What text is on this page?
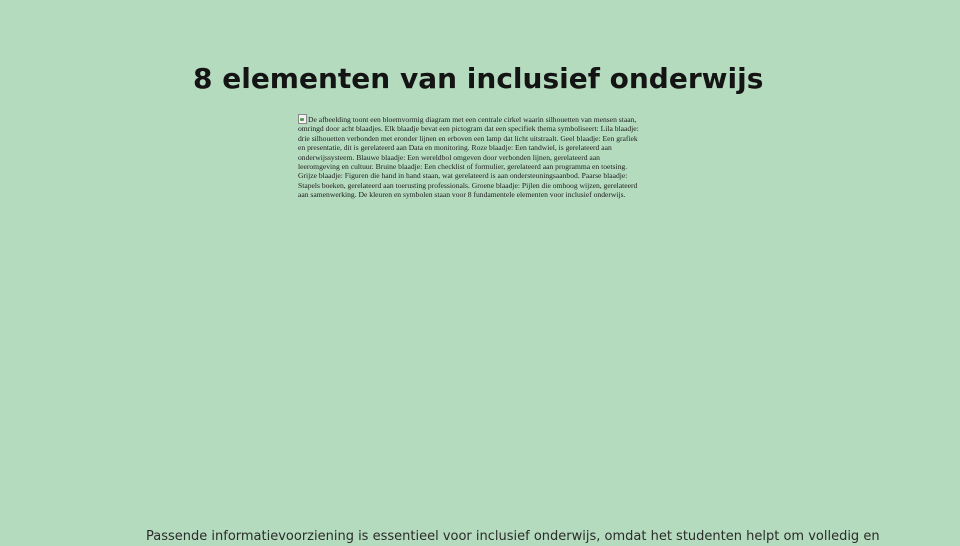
8 elementen van inclusief onderwijs
De afbeelding toont een bloemvormig diagram met een centrale cirkel waarin silhouetten van mensen staan, omringd door acht blaadjes. Elk blaadje bevat een pictogram dat een specifiek thema symboliseert: Lila blaadje: drie silhouetten verbonden met eronder lijnen en erboven een lamp dat licht uitstraalt. Geel blaadje: Een grafiek en presentatie, dit is gerelateerd aan Data en monitoring. Roze blaadje: Een tandwiel, is gerelateerd aan onderwijssysteem. Blauwe blaadje: Een wereldbol omgeven door verbonden lijnen, gerelateerd aan leeromgeving en cultuur. Bruine blaadje: Een checklist of formulier, gerelateerd aan programma en toetsing. Grijze blaadje: Figuren die hand in hand staan, wat gerelateerd is aan ondersteuningsaanbod. Paarse blaadje: Stapels boeken, gerelateerd aan toerusting professionals. Groene blaadje: Pijlen die omhoog wijzen, gerelateerd aan samenwerking. De kleuren en symbolen staan voor 8 fundamentele elementen voor inclusief onderwijs.

Passende informatievoorziening is essentieel voor inclusief onderwijs, omdat het studenten helpt om volledig en
